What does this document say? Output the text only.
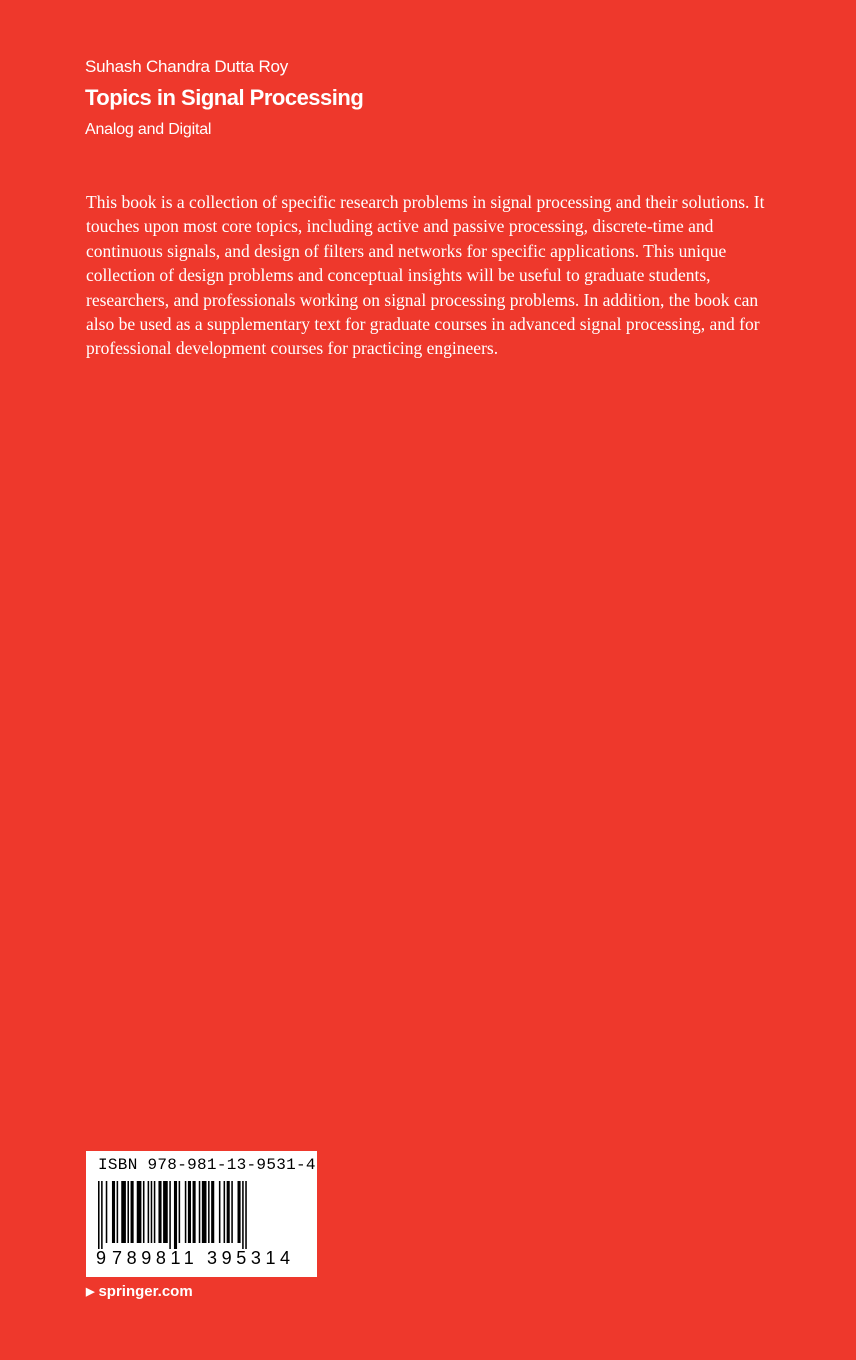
Suhash Chandra Dutta Roy
Topics in Signal Processing
Analog and Digital

This book is a collection of specific research problems in signal processing and their solutions. It touches upon most core topics, including active and passive processing, discrete-time and continuous signals, and design of filters and networks for specific applications. This unique collection of design problems and conceptual insights will be useful to graduate students, researchers, and professionals working on signal processing problems. In addition, the book can also be used as a supplementary text for graduate courses in advanced signal processing, and for professional development courses for practicing engineers.

ISBN 978-981-13-9531-4
9 789811 395314
▶ springer.com
